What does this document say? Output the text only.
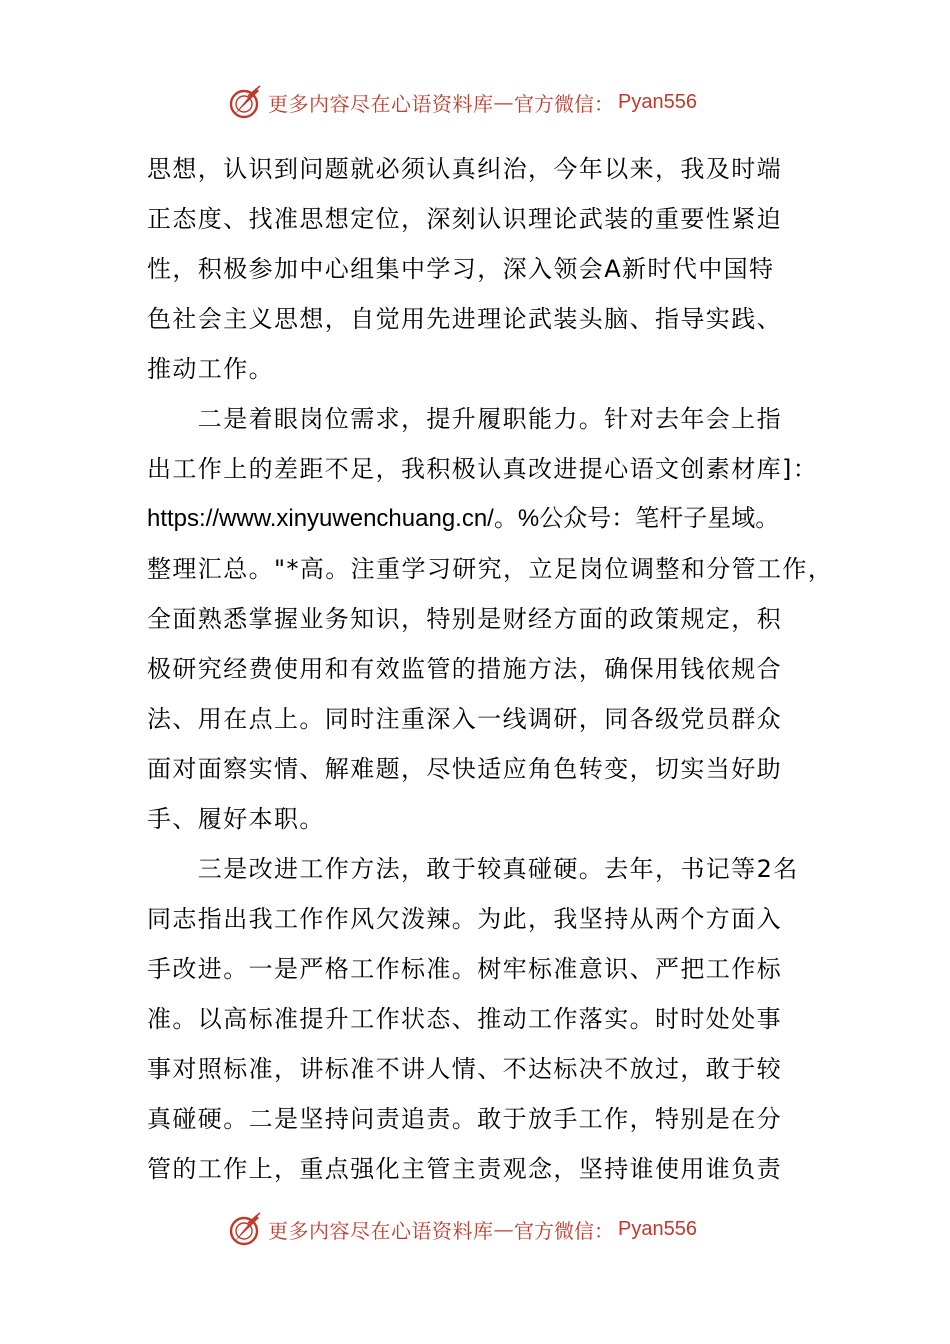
更多内容尽在心语资料库 — 官方微信： Pyan556
思想，认识到问题就必须认真纠治，今年以来，我及时端
正态度、找准思想定位，深刻认识理论武装的重要性紧迫
性，积极参加中心组集中学习，深入领会A新时代中国特
色社会主义思想，自觉用先进理论武装头脑、指导实践、
推动工作。
　　二是着眼岗位需求，提升履职能力。针对去年会上指
出工作上的差距不足，我积极认真改进提心语文创素材库]：
https://www.xinyuwenchuang.cn/。%公众号：笔杆子星域。
整理汇总。"*高。注重学习研究，立足岗位调整和分管工作，
全面熟悉掌握业务知识，特别是财经方面的政策规定，积
极研究经费使用和有效监管的措施方法，确保用钱依规合
法、用在点上。同时注重深入一线调研，同各级党员群众
面对面察实情、解难题，尽快适应角色转变，切实当好助
手、履好本职。
　　三是改进工作方法，敢于较真碰硬。去年，书记等2名
同志指出我工作作风欠泼辣。为此，我坚持从两个方面入
手改进。一是严格工作标准。树牢标准意识、严把工作标
准。以高标准提升工作状态、推动工作落实。时时处处事
事对照标准，讲标准不讲人情、不达标决不放过，敢于较
真碰硬。二是坚持问责追责。敢于放手工作，特别是在分
管的工作上，重点强化主管主责观念，坚持谁使用谁负责
更多内容尽在心语资料库 — 官方微信： Pyan556
